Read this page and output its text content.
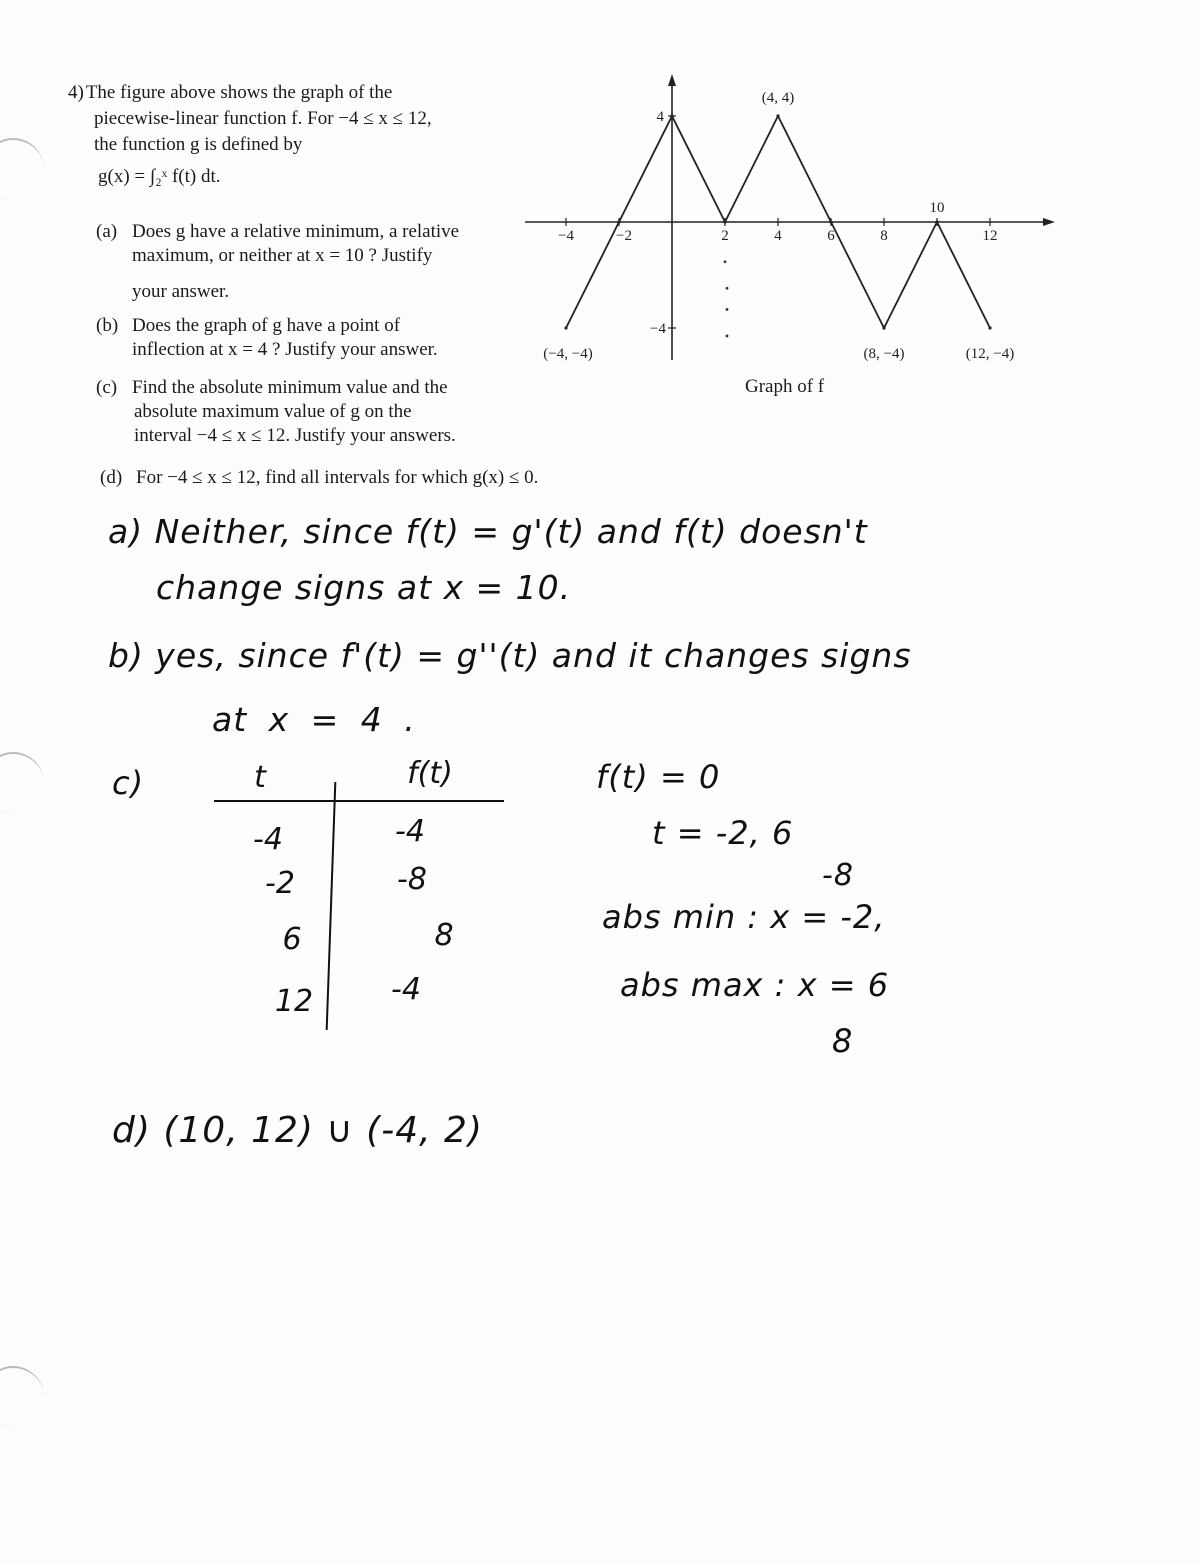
4) The figure above shows the graph of the
piecewise-linear function f. For −4 ≤ x ≤ 12,
the function g is defined by

g(x) = ∫₂ˣ f(t) dt.
(a) Does g have a relative minimum, a relative
maximum, or neither at x = 10 ? Justify
your answer.
(b) Does the graph of g have a point of
inflection at x = 4 ? Justify your answer.
(c) Find the absolute minimum value and the
absolute maximum value of g on the
interval −4 ≤ x ≤ 12. Justify your answers.
(d) For −4 ≤ x ≤ 12, find all intervals for which g(x) ≤ 0.
−4	−2	2	4	6	8
10
12
4
−4
(4, 4)
(−4, −4)	(8, −4)	(12, −4)
Graph of f
a) Neither, since f(t) = g'(t) and f(t) doesn't
change signs at x = 10.
b) yes, since f'(t) = g''(t) and it changes signs
at x = 4 .
c)	t	f(t)
-4	-4
-2	-8
6	8
12	-4
f(t) = 0
t = -2, 6
-8
abs min : x = -2,
abs max : x = 6
8
d) (10, 12) ∪ (-4, 2)
